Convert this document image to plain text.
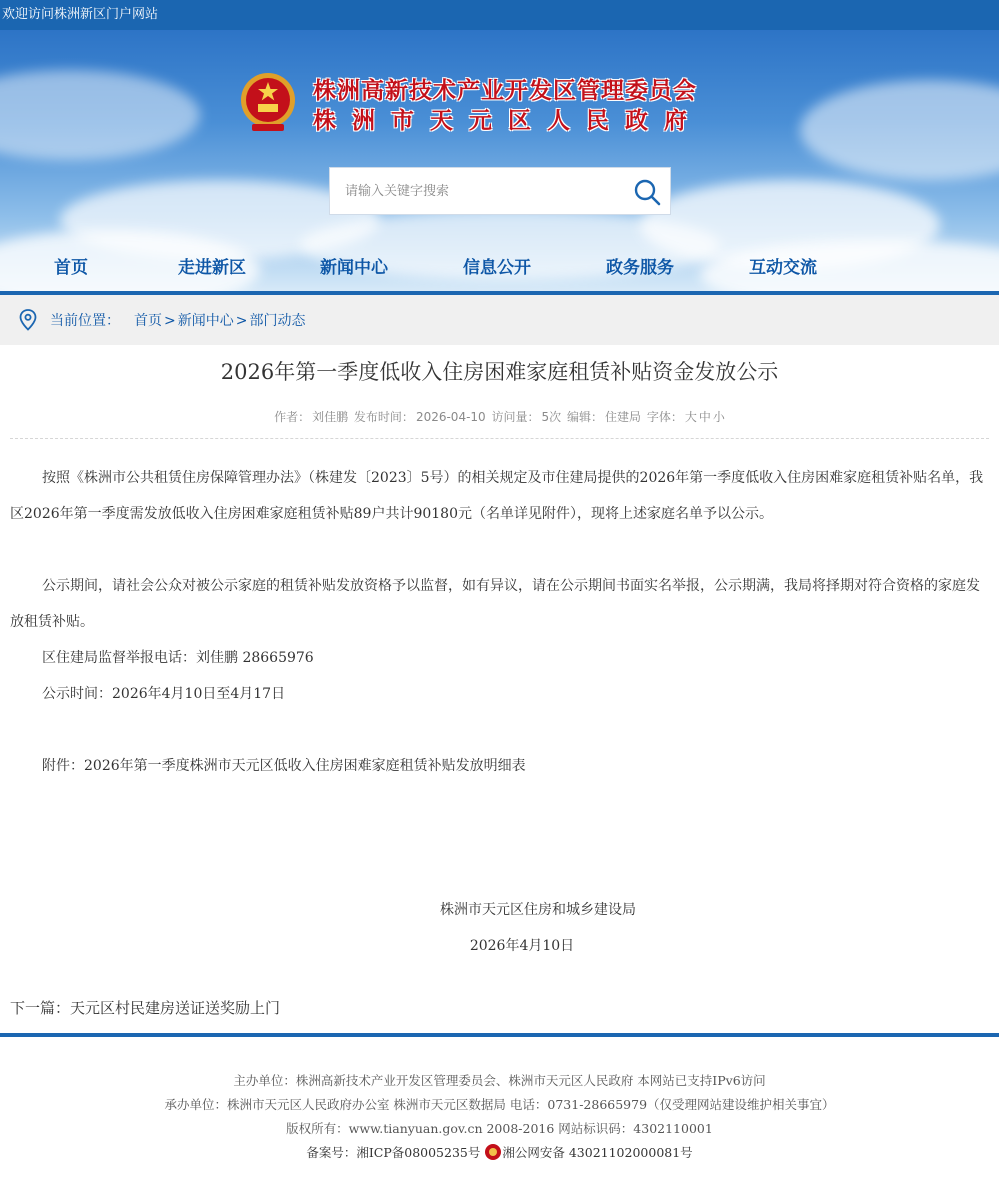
欢迎访问株洲新区门户网站
株洲高新技术产业开发区管理委员会
株洲市天元区人民政府
请输入关键字搜索
首页	走进新区	新闻中心	信息公开	政务服务	互动交流
当前位置： 首页 > 新闻中心 > 部门动态
2026年第一季度低收入住房困难家庭租赁补贴资金发放公示
作者： 刘佳鹏 发布时间： 2026-04-10 访问量： 5次 编辑： 住建局 字体： 大 中 小
按照《株洲市公共租赁住房保障管理办法》（株建发〔2023〕5号）的相关规定及市住建局提供的2026年第一季度低收入住房困难家庭租赁补贴名单，我区2026年第一季度需发放低收入住房困难家庭租赁补贴89户共计90180元（名单详见附件），现将上述家庭名单予以公示。
公示期间，请社会公众对被公示家庭的租赁补贴发放资格予以监督，如有异议，请在公示期间书面实名举报，公示期满，我局将择期对符合资格的家庭发放租赁补贴。
区住建局监督举报电话：刘佳鹏 28665976
公示时间：2026年4月10日至4月17日
附件：2026年第一季度株洲市天元区低收入住房困难家庭租赁补贴发放明细表
株洲市天元区住房和城乡建设局
2026年4月10日
下一篇：天元区村民建房送证送奖励上门
主办单位：株洲高新技术产业开发区管理委员会、株洲市天元区人民政府 本网站已支持IPv6访问
承办单位：株洲市天元区人民政府办公室 株洲市天元区数据局 电话：0731-28665979（仅受理网站建设维护相关事宜）
版权所有：www.tianyuan.gov.cn 2008-2016 网站标识码：4302110001
备案号：湘ICP备08005235号 湘公网安备 43021102000081号
